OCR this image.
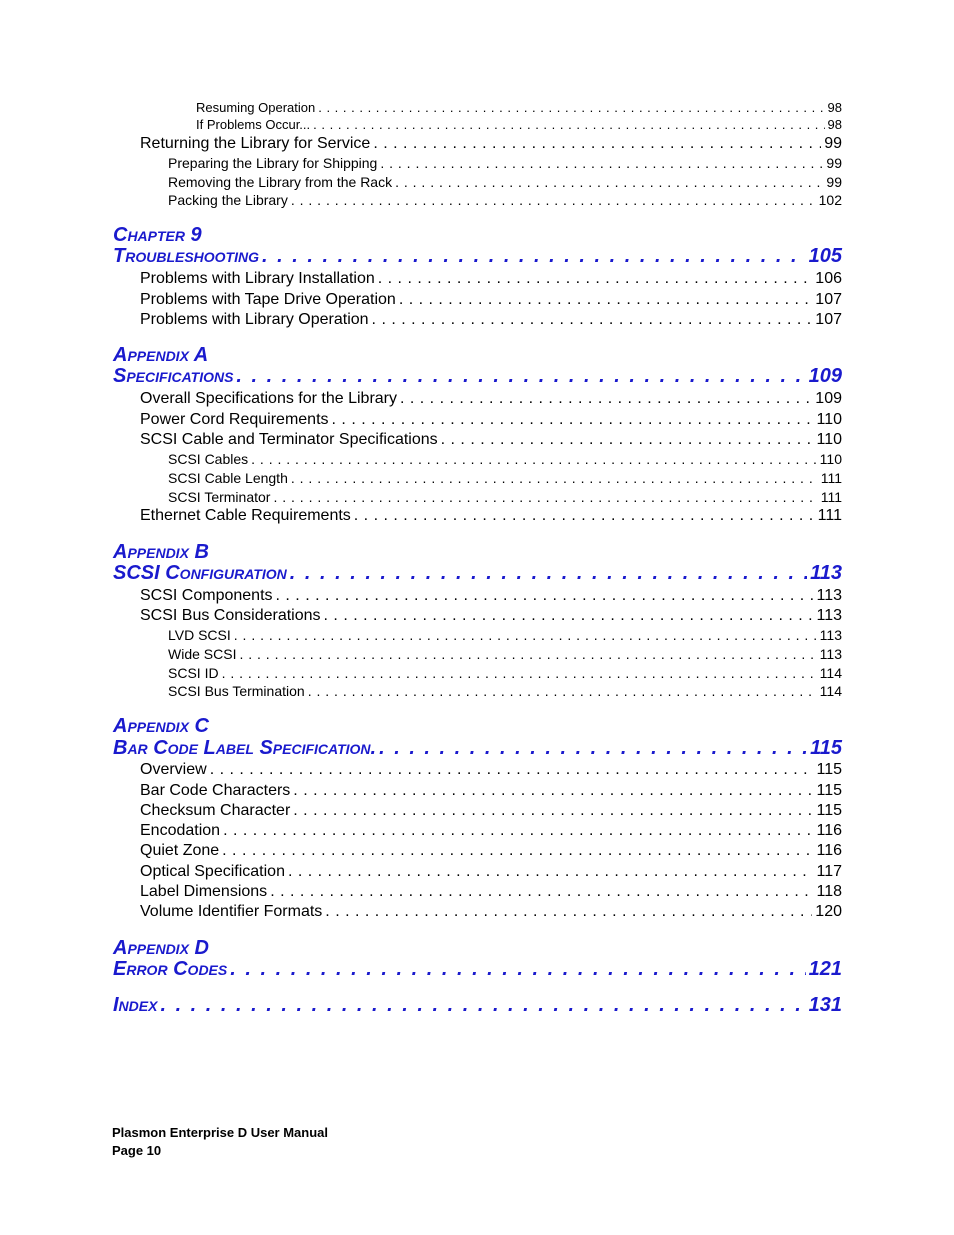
Resuming Operation . . .	98
If Problems Occur... . . .	98
Returning the Library for Service . . .	99
Preparing the Library for Shipping . . .	99
Removing the Library from the Rack . . .	99
Packing the Library . . .	102
Chapter 9
Troubleshooting . . .	105
Problems with Library Installation . . .	106
Problems with Tape Drive Operation . . .	107
Problems with Library Operation . . .	107
Appendix A
Specifications . . .	109
Overall Specifications for the Library . . .	109
Power Cord Requirements . . .	110
SCSI Cable and Terminator Specifications . . .	110
SCSI Cables . . .	110
SCSI Cable Length . . .	111
SCSI Terminator . . .	111
Ethernet Cable Requirements . . .	111
Appendix B
SCSI Configuration . . .	113
SCSI Components . . .	113
SCSI Bus Considerations . . .	113
LVD SCSI . . .	113
Wide SCSI . . .	113
SCSI ID . . .	114
SCSI Bus Termination . . .	114
Appendix C
Bar Code Label Specification. . . .	115
Overview . . .	115
Bar Code Characters . . .	115
Checksum Character . . .	115
Encodation . . .	116
Quiet Zone . . .	116
Optical Specification . . .	117
Label Dimensions . . .	118
Volume Identifier Formats . . .	120
Appendix D
Error Codes . . .	121
Index . . .	131
Plasmon Enterprise D User Manual
Page 10
